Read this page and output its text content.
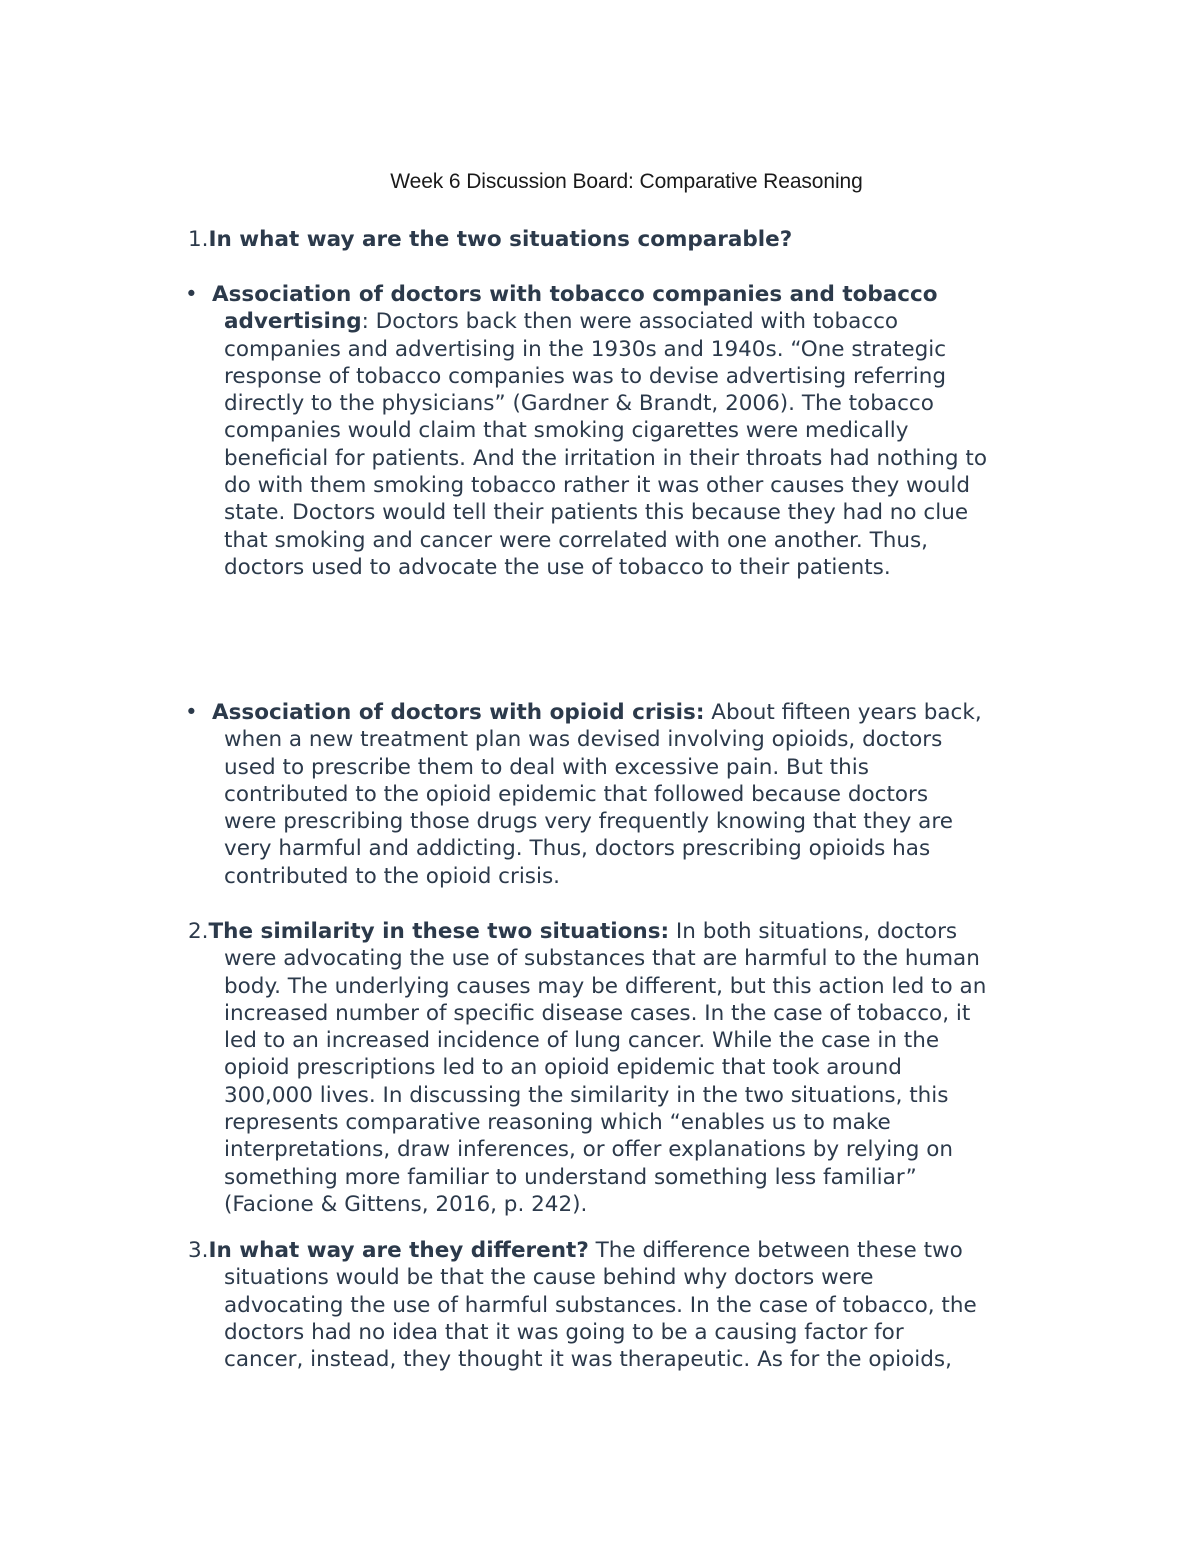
Week 6 Discussion Board: Comparative Reasoning
1.In what way are the two situations comparable?
• Association of doctors with tobacco companies and tobacco
advertising: Doctors back then were associated with tobacco
companies and advertising in the 1930s and 1940s. “One strategic
response of tobacco companies was to devise advertising referring
directly to the physicians” (Gardner & Brandt, 2006). The tobacco
companies would claim that smoking cigarettes were medically
beneficial for patients. And the irritation in their throats had nothing to
do with them smoking tobacco rather it was other causes they would
state. Doctors would tell their patients this because they had no clue
that smoking and cancer were correlated with one another. Thus,
doctors used to advocate the use of tobacco to their patients.
• Association of doctors with opioid crisis: About fifteen years back,
when a new treatment plan was devised involving opioids, doctors
used to prescribe them to deal with excessive pain. But this
contributed to the opioid epidemic that followed because doctors
were prescribing those drugs very frequently knowing that they are
very harmful and addicting. Thus, doctors prescribing opioids has
contributed to the opioid crisis.
2.The similarity in these two situations: In both situations, doctors
were advocating the use of substances that are harmful to the human
body. The underlying causes may be different, but this action led to an
increased number of specific disease cases. In the case of tobacco, it
led to an increased incidence of lung cancer. While the case in the
opioid prescriptions led to an opioid epidemic that took around
300,000 lives. In discussing the similarity in the two situations, this
represents comparative reasoning which “enables us to make
interpretations, draw inferences, or offer explanations by relying on
something more familiar to understand something less familiar”
(Facione & Gittens, 2016, p. 242).
3.In what way are they different? The difference between these two
situations would be that the cause behind why doctors were
advocating the use of harmful substances. In the case of tobacco, the
doctors had no idea that it was going to be a causing factor for
cancer, instead, they thought it was therapeutic. As for the opioids,
